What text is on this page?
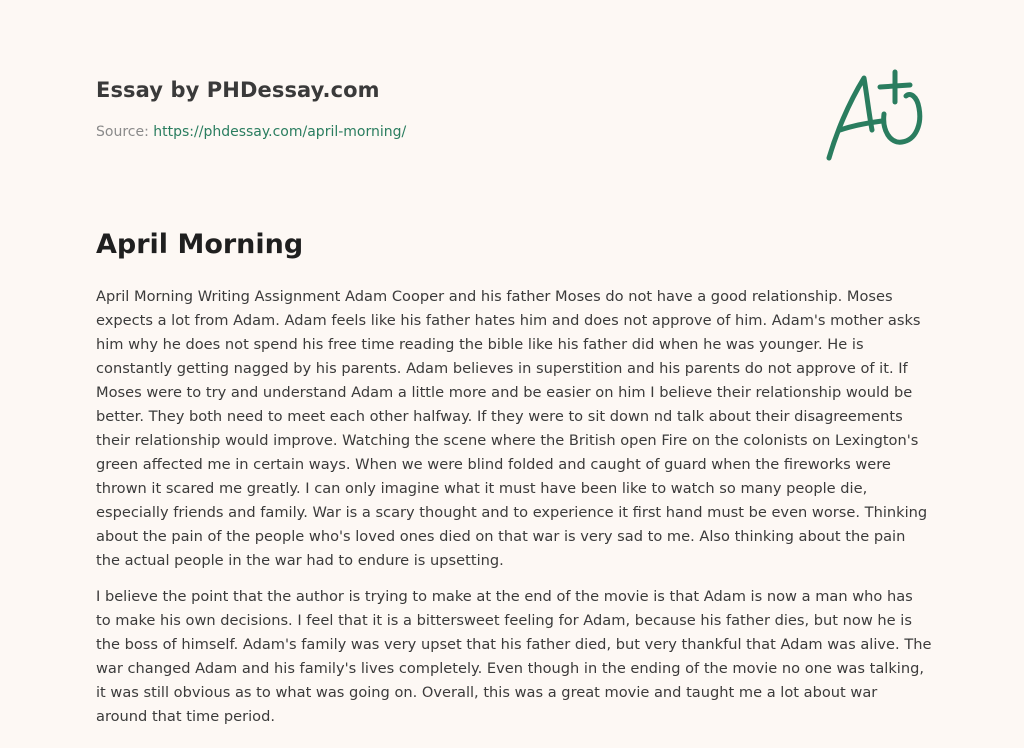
Essay by PHDessay.com
Source: https://phdessay.com/april-morning/
April Morning

April Morning Writing Assignment Adam Cooper and his father Moses do not have a good relationship. Moses expects a lot from Adam. Adam feels like his father hates him and does not approve of him. Adam's mother asks him why he does not spend his free time reading the bible like his father did when he was younger. He is constantly getting nagged by his parents. Adam believes in superstition and his parents do not approve of it. If Moses were to try and understand Adam a little more and be easier on him I believe their relationship would be better. They both need to meet each other halfway. If they were to sit down nd talk about their disagreements their relationship would improve. Watching the scene where the British open Fire on the colonists on Lexington's green affected me in certain ways. When we were blind folded and caught of guard when the fireworks were thrown it scared me greatly. I can only imagine what it must have been like to watch so many people die, especially friends and family. War is a scary thought and to experience it first hand must be even worse. Thinking about the pain of the people who's loved ones died on that war is very sad to me. Also thinking about the pain the actual people in the war had to endure is upsetting.

I believe the point that the author is trying to make at the end of the movie is that Adam is now a man who has to make his own decisions. I feel that it is a bittersweet feeling for Adam, because his father dies, but now he is the boss of himself. Adam's family was very upset that his father died, but very thankful that Adam was alive. The war changed Adam and his family's lives completely. Even though in the ending of the movie no one was talking, it was still obvious as to what was going on. Overall, this was a great movie and taught me a lot about war around that time period.
